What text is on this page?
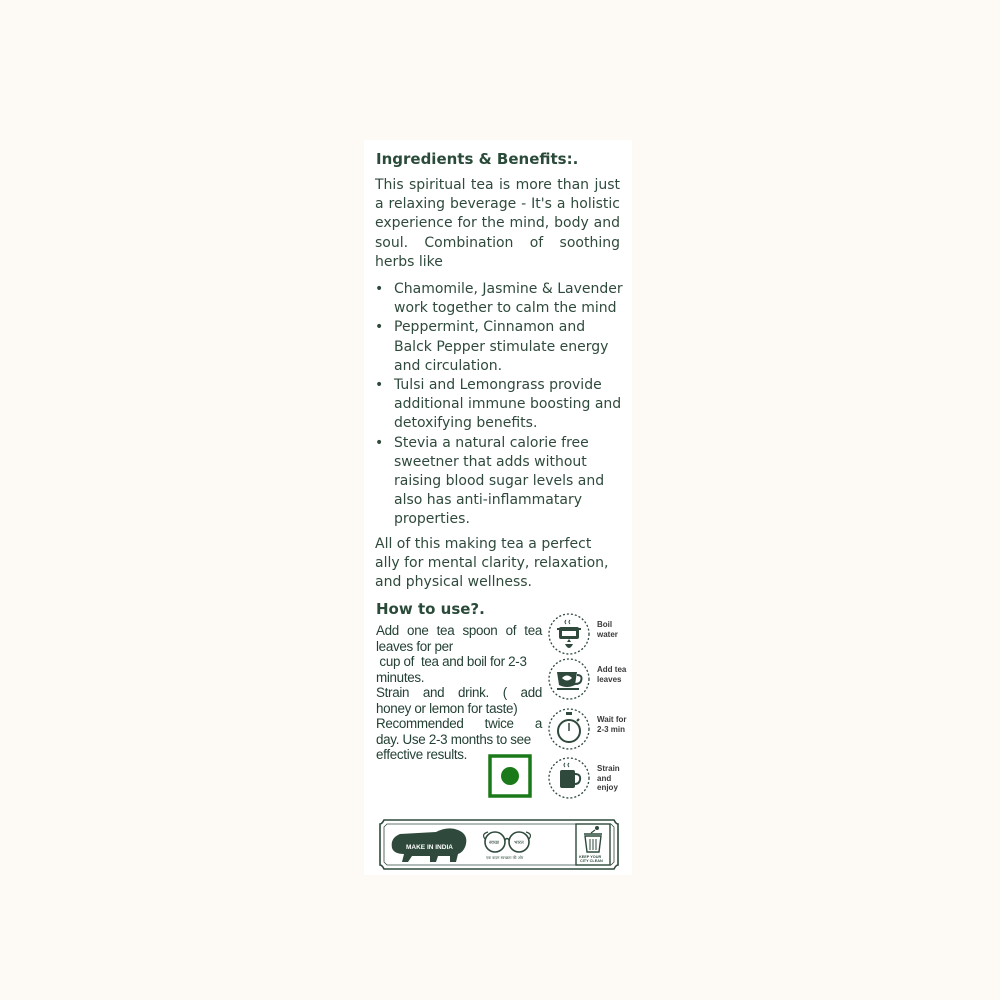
Ingredients & Benefits:.

This spiritual tea is more than just a relaxing beverage - It's a holistic experience for the mind, body and soul. Combination of soothing herbs like

• Chamomile, Jasmine & Lavender work together to calm the mind
• Peppermint, Cinnamon and Balck Pepper stimulate energy and circulation.
• Tulsi and Lemongrass provide additional immune boosting and detoxifying benefits.
• Stevia a natural calorie free sweetner that adds without raising blood sugar levels and also has anti-inflammatary properties.

All of this making tea a perfect ally for mental clarity, relaxation, and physical wellness.

How to use?.
Add one tea spoon of tea
leaves for per
cup of  tea and boil for 2-3
minutes.
Strain  and  drink.  (  add
honey or lemon for taste)
Recommended   twice   a
day. Use 2-3 months to see
effective results.
Boil
water
Add tea
leaves
Wait for
2-3 min
Strain
and
enjoy
MAKE IN INDIA
स्वच्छ	भारत
एक कदम स्वच्छता की ओर	KEEP YOUR
CITY CLEAN
